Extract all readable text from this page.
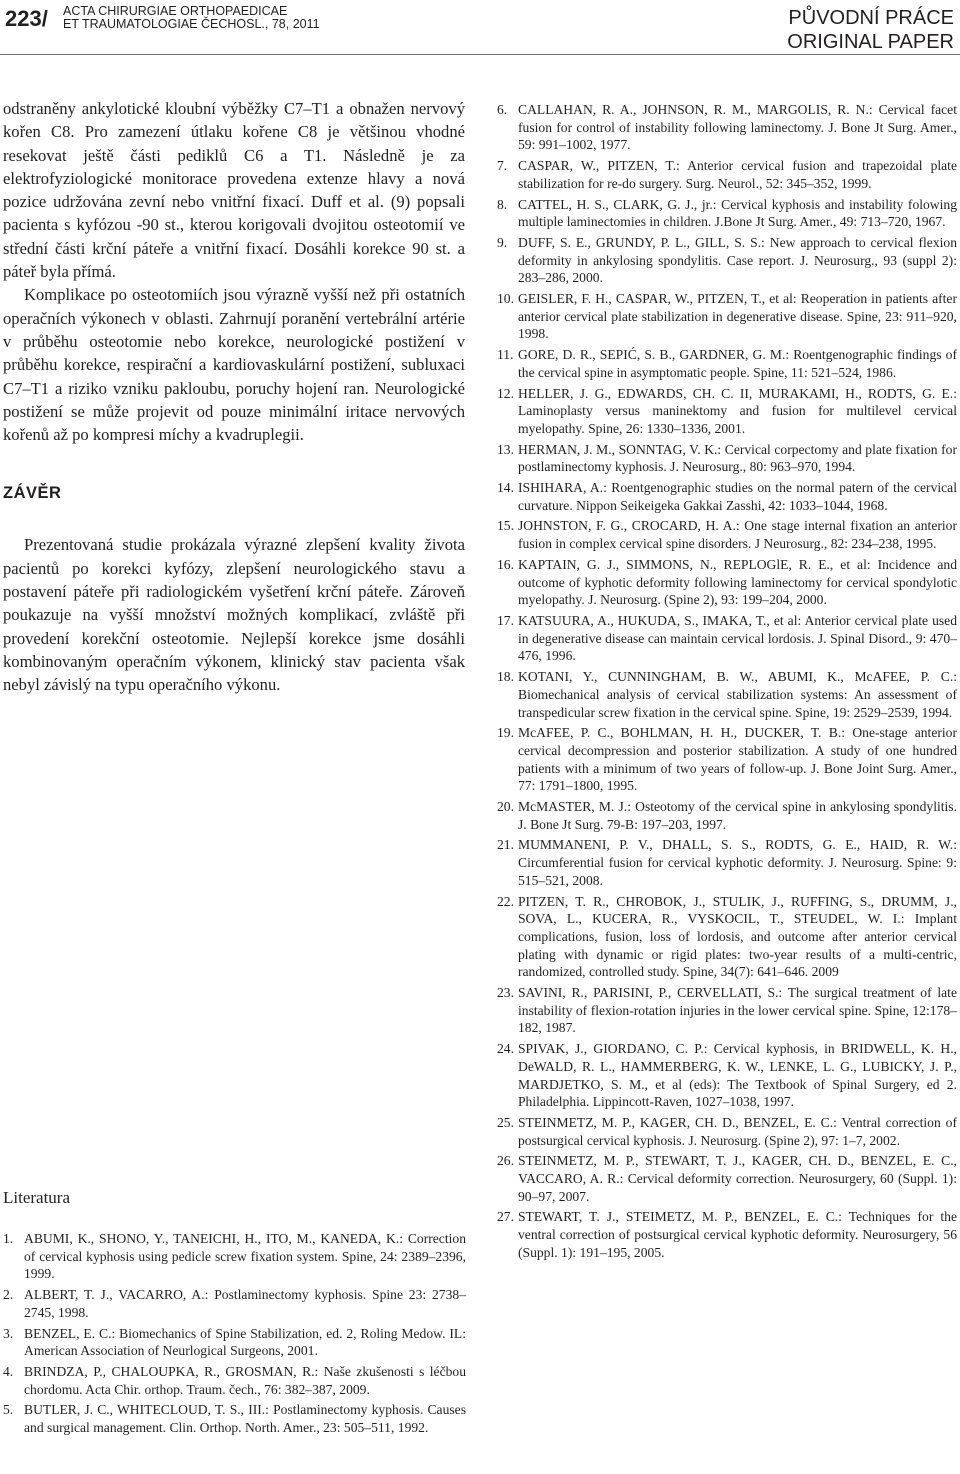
223/ ACTA CHIRURGIAE ORTHOPAEDICAE
ET TRAUMATOLOGIAE ČECHOSL., 78, 2011	PŮVODNÍ PRÁCE
ORIGINAL PAPER

odstraněny ankylotické kloubní výběžky C7–T1 a obnažen nervový kořen C8. Pro zamezení útlaku kořene C8 je většinou vhodné resekovat ještě části pediklů C6 a T1. Následně je za elektrofyziologické monitorace provedena extenze hlavy a nová pozice udržována zevní nebo vnitřní fixací. Duff et al. (9) popsali pacienta s kyfózou -90 st., kterou korigovali dvojitou osteotomií ve střední části krční páteře a vnitřní fixací. Dosáhli korekce 90 st. a páteř byla přímá.

Komplikace po osteotomiích jsou výrazně vyšší než při ostatních operačních výkonech v oblasti. Zahrnují poranění vertebrální artérie v průběhu osteotomie nebo korekce, neurologické postižení v průběhu korekce, respirační a kardiovaskulární postižení, subluxaci C7–T1 a riziko vzniku pakloubu, poruchy hojení ran. Neurologické postižení se může projevit od pouze minimální iritace nervových kořenů až po kompresi míchy a kvadruplegii.

ZÁVĚR

Prezentovaná studie prokázala výrazné zlepšení kvality života pacientů po korekci kyfózy, zlepšení neurologického stavu a postavení páteře při radiologickém vyšetření krční páteře. Zároveň poukazuje na vyšší množství možných komplikací, zvláště při provedení korekční osteotomie. Nejlepší korekce jsme dosáhli kombinovaným operačním výkonem, klinický stav pacienta však nebyl závislý na typu operačního výkonu.

Literatura
1. ABUMI, K., SHONO, Y., TANEICHI, H., ITO, M., KANEDA, K.: Correction of cervical kyphosis using pedicle screw fixation system. Spine, 24: 2389–2396, 1999.
2. ALBERT, T. J., VACARRO, A.: Postlaminectomy kyphosis. Spine 23: 2738–2745, 1998.
3. BENZEL, E. C.: Biomechanics of Spine Stabilization, ed. 2, Roling Medow. IL: American Association of Neurlogical Surgeons, 2001.
4. BRINDZA, P., CHALOUPKA, R., GROSMAN, R.: Naše zkušenosti s léčbou chordomu. Acta Chir. orthop. Traum. čech., 76: 382–387, 2009.
5. BUTLER, J. C., WHITECLOUD, T. S., III.: Postlaminectomy kyphosis. Causes and surgical management. Clin. Orthop. North. Amer., 23: 505–511, 1992.
6. CALLAHAN, R. A., JOHNSON, R. M., MARGOLIS, R. N.: Cervical facet fusion for control of instability following laminectomy. J. Bone Jt Surg. Amer., 59: 991–1002, 1977.
7. CASPAR, W., PITZEN, T.: Anterior cervical fusion and trapezoidal plate stabilization for re-do surgery. Surg. Neurol., 52: 345–352, 1999.
8. CATTEL, H. S., CLARK, G. J., jr.: Cervical kyphosis and instability folowing multiple laminectomies in children. J.Bone Jt Surg. Amer., 49: 713–720, 1967.
9. DUFF, S. E., GRUNDY, P. L., GILL, S. S.: New approach to cervical flexion deformity in ankylosing spondylitis. Case report. J. Neurosurg., 93 (suppl 2): 283–286, 2000.
10. GEISLER, F. H., CASPAR, W., PITZEN, T., et al: Reoperation in patients after anterior cervical plate stabilization in degenerative disease. Spine, 23: 911–920, 1998.
11. GORE, D. R., SEPIĆ, S. B., GARDNER, G. M.: Roentgenographic findings of the cervical spine in asymptomatic people. Spine, 11: 521–524, 1986.
12. HELLER, J. G., EDWARDS, CH. C. II, MURAKAMI, H., RODTS, G. E.: Laminoplasty versus maninektomy and fusion for multilevel cervical myelopathy. Spine, 26: 1330–1336, 2001.
13. HERMAN, J. M., SONNTAG, V. K.: Cervical corpectomy and plate fixation for postlaminectomy kyphosis. J. Neurosurg., 80: 963–970, 1994.
14. ISHIHARA, A.: Roentgenographic studies on the normal patern of the cervical curvature. Nippon Seikeigeka Gakkai Zasshi, 42: 1033–1044, 1968.
15. JOHNSTON, F. G., CROCARD, H. A.: One stage internal fixation an anterior fusion in complex cervical spine disorders. J Neurosurg., 82: 234–238, 1995.
16. KAPTAIN, G. J., SIMMONS, N., REPLOGlE, R. E., et al: Incidence and outcome of kyphotic deformity following laminectomy for cervical spondylotic myelopathy. J. Neurosurg. (Spine 2), 93: 199–204, 2000.
17. KATSUURA, A., HUKUDA, S., IMAKA, T., et al: Anterior cervical plate used in degenerative disease can maintain cervical lordosis. J. Spinal Disord., 9: 470–476, 1996.
18. KOTANI, Y., CUNNINGHAM, B. W., ABUMI, K., McAFEE, P. C.: Biomechanical analysis of cervical stabilization systems: An assessment of transpedicular screw fixation in the cervical spine. Spine, 19: 2529–2539, 1994.
19. McAFEE, P. C., BOHLMAN, H. H., DUCKER, T. B.: One-stage anterior cervical decompression and posterior stabilization. A study of one hundred patients with a minimum of two years of follow-up. J. Bone Joint Surg. Amer., 77: 1791–1800, 1995.
20. McMASTER, M. J.: Osteotomy of the cervical spine in ankylosing spondylitis. J. Bone Jt Surg. 79-B: 197–203, 1997.
21. MUMMANENI, P. V., DHALL, S. S., RODTS, G. E., HAID, R. W.: Circumferential fusion for cervical kyphotic deformity. J. Neurosurg. Spine: 9: 515–521, 2008.
22. PITZEN, T. R., CHROBOK, J., STULIK, J., RUFFING, S., DRUMM, J., SOVA, L., KUCERA, R., VYSKOCIL, T., STEUDEL, W. I.: Implant complications, fusion, loss of lordosis, and outcome after anterior cervical plating with dynamic or rigid plates: two-year results of a multi-centric, randomized, controlled study. Spine, 34(7): 641–646. 2009
23. SAVINI, R., PARISINI, P., CERVELLATI, S.: The surgical treatment of late instability of flexion-rotation injuries in the lower cervical spine. Spine, 12:178–182, 1987.
24. SPIVAK, J., GIORDANO, C. P.: Cervical kyphosis, in BRIDWELL, K. H., DeWALD, R. L., HAMMERBERG, K. W., LENKE, L. G., LUBICKY, J. P., MARDJETKO, S. M., et al (eds): The Textbook of Spinal Surgery, ed 2. Philadelphia. Lippincott-Raven, 1027–1038, 1997.
25. STEINMETZ, M. P., KAGER, CH. D., BENZEL, E. C.: Ventral correction of postsurgical cervical kyphosis. J. Neurosurg. (Spine 2), 97: 1–7, 2002.
26. STEINMETZ, M. P., STEWART, T. J., KAGER, CH. D., BENZEL, E. C., VACCARO, A. R.: Cervical deformity correction. Neurosurgery, 60 (Suppl. 1): 90–97, 2007.
27. STEWART, T. J., STEIMETZ, M. P., BENZEL, E. C.: Techniques for the ventral correction of postsurgical cervical kyphotic deformity. Neurosurgery, 56 (Suppl. 1): 191–195, 2005.
